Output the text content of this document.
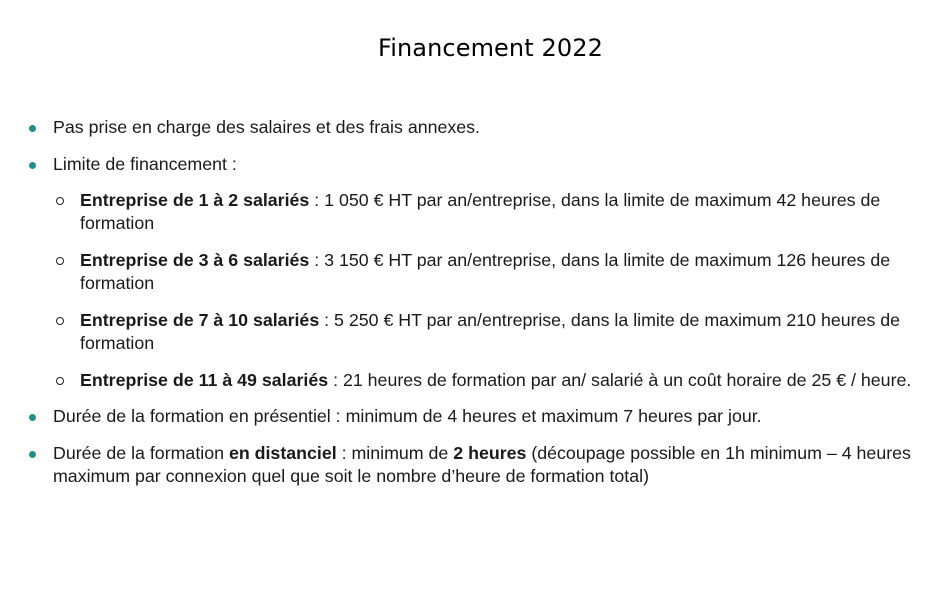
Financement 2022
Pas prise en charge des salaires et des frais annexes.
Limite de financement :
Entreprise de 1 à 2 salariés : 1 050 € HT par an/entreprise, dans la limite de maximum 42 heures de formation
Entreprise de 3 à 6 salariés : 3 150 € HT par an/entreprise, dans la limite de maximum 126 heures de formation
Entreprise de 7 à 10 salariés : 5 250 € HT par an/entreprise, dans la limite de maximum 210 heures de formation
Entreprise de 11 à 49 salariés : 21 heures de formation par an/ salarié à un coût horaire de 25 € / heure.
Durée de la formation en présentiel : minimum de 4 heures et maximum 7 heures par jour.
Durée de la formation en distanciel : minimum de 2 heures (découpage possible en 1h minimum – 4 heures maximum par connexion quel que soit le nombre d’heure de formation total)
